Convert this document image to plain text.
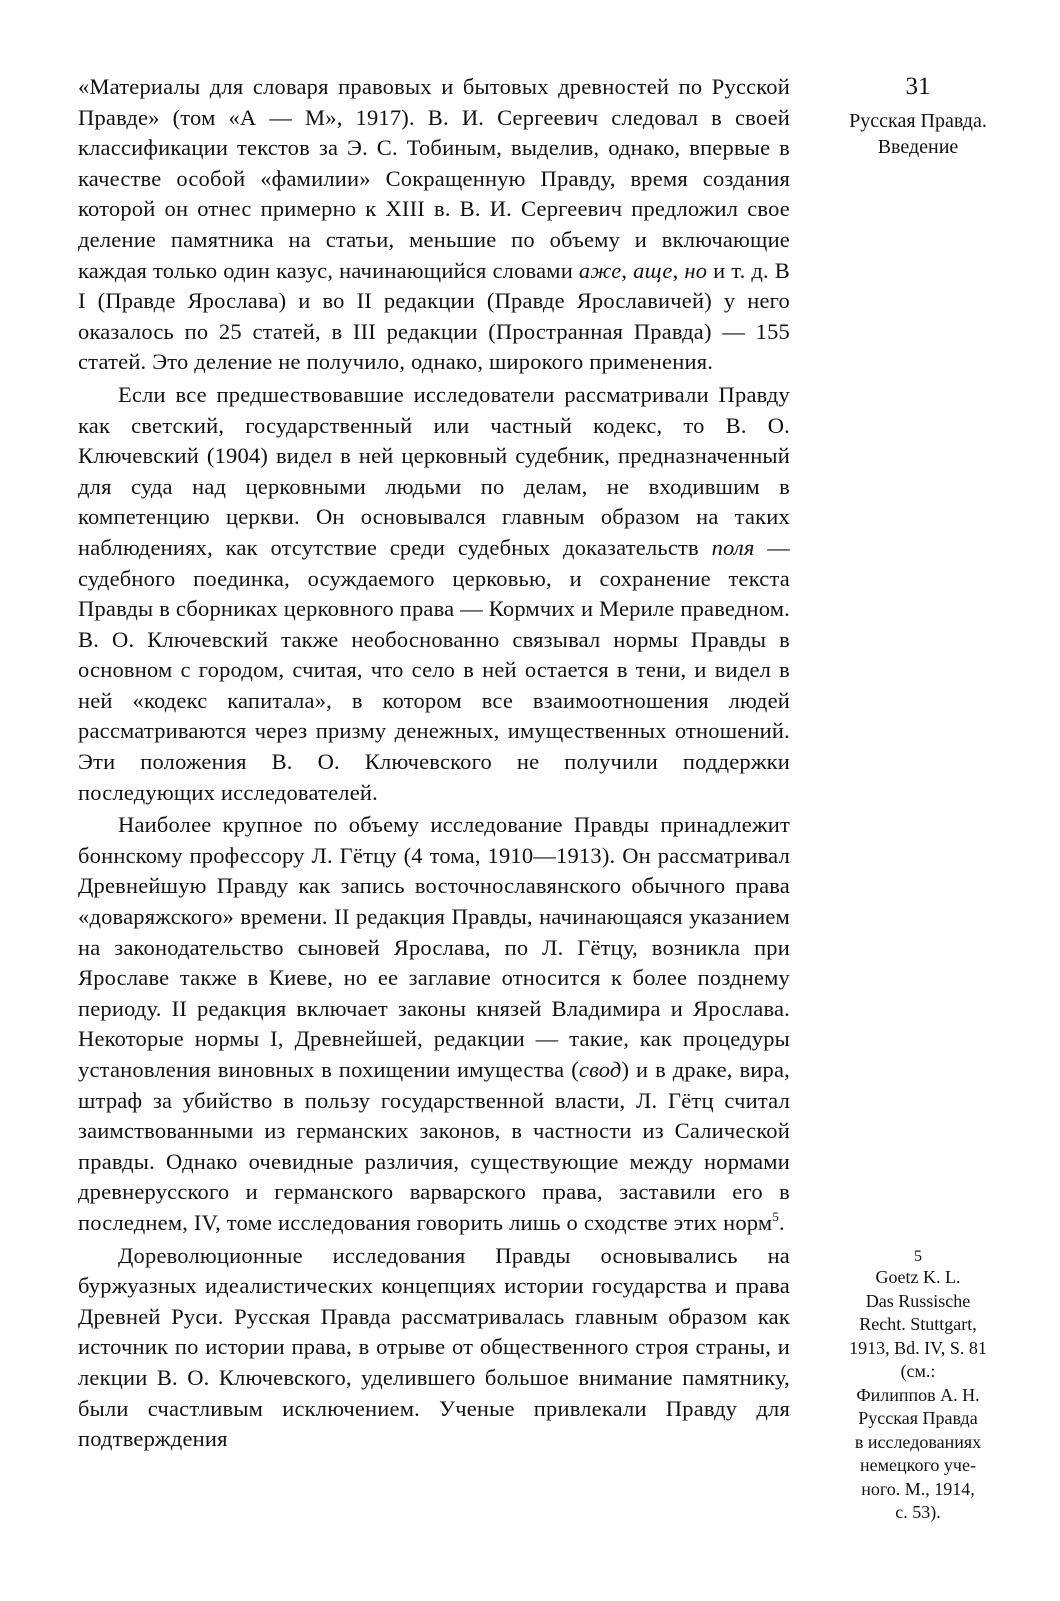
«Материалы для словаря правовых и бытовых древностей по Русской Правде» (том «А — М», 1917). В. И. Сергеевич следовал в своей классификации текстов за Э. С. Тобиным, выделив, однако, впервые в качестве особой «фамилии» Сокращенную Правду, время создания которой он отнес примерно к XIII в. В. И. Сергеевич предложил свое деление памятника на статьи, меньшие по объему и включающие каждая только один казус, начинающийся словами аже, аще, но и т. д. В I (Правде Ярослава) и во II редакции (Правде Ярославичей) у него оказалось по 25 статей, в III редакции (Пространная Правда) — 155 статей. Это деление не получило, однако, широкого применения.

Если все предшествовавшие исследователи рассматривали Правду как светский, государственный или частный кодекс, то В. О. Ключевский (1904) видел в ней церковный судебник, предназначенный для суда над церковными людьми по делам, не входившим в компетенцию церкви. Он основывался главным образом на таких наблюдениях, как отсутствие среди судебных доказательств поля — судебного поединка, осуждаемого церковью, и сохранение текста Правды в сборниках церковного права — Кормчих и Мериле праведном. В. О. Ключевский также необоснованно связывал нормы Правды в основном с городом, считая, что село в ней остается в тени, и видел в ней «кодекс капитала», в котором все взаимоотношения людей рассматриваются через призму денежных, имущественных отношений. Эти положения В. О. Ключевского не получили поддержки последующих исследователей.

Наиболее крупное по объему исследование Правды принадлежит боннскому профессору Л. Гётцу (4 тома, 1910—1913). Он рассматривал Древнейшую Правду как запись восточнославянского обычного права «доваряжского» времени. II редакция Правды, начинающаяся указанием на законодательство сыновей Ярослава, по Л. Гётцу, возникла при Ярославе также в Киеве, но ее заглавие относится к более позднему периоду. II редакция включает законы князей Владимира и Ярослава. Некоторые нормы I, Древнейшей, редакции — такие, как процедуры установления виновных в похищении имущества (свод) и в драке, вира, штраф за убийство в пользу государственной власти, Л. Гётц считал заимствованными из германских законов, в частности из Салической правды. Однако очевидные различия, существующие между нормами древнерусского и германского варварского права, заставили его в последнем, IV, томе исследования говорить лишь о сходстве этих норм$^5$.

Дореволюционные исследования Правды основывались на буржуазных идеалистических концепциях истории государства и права Древней Руси. Русская Правда рассматривалась главным образом как источник по истории права, в отрыве от общественного строя страны, и лекции В. О. Ключевского, уделившего большое внимание памятнику, были счастливым исключением. Ученые привлекали Правду для подтверждения

31
Русская Правда.
Введение
5
Goetz K. L.
Das Russische
Recht. Stuttgart,
1913, Bd. IV, S. 81
(см.:
Филиппов А. Н.
Русская Правда
в исследованиях
немецкого уче-
ного. М., 1914,
с. 53).
